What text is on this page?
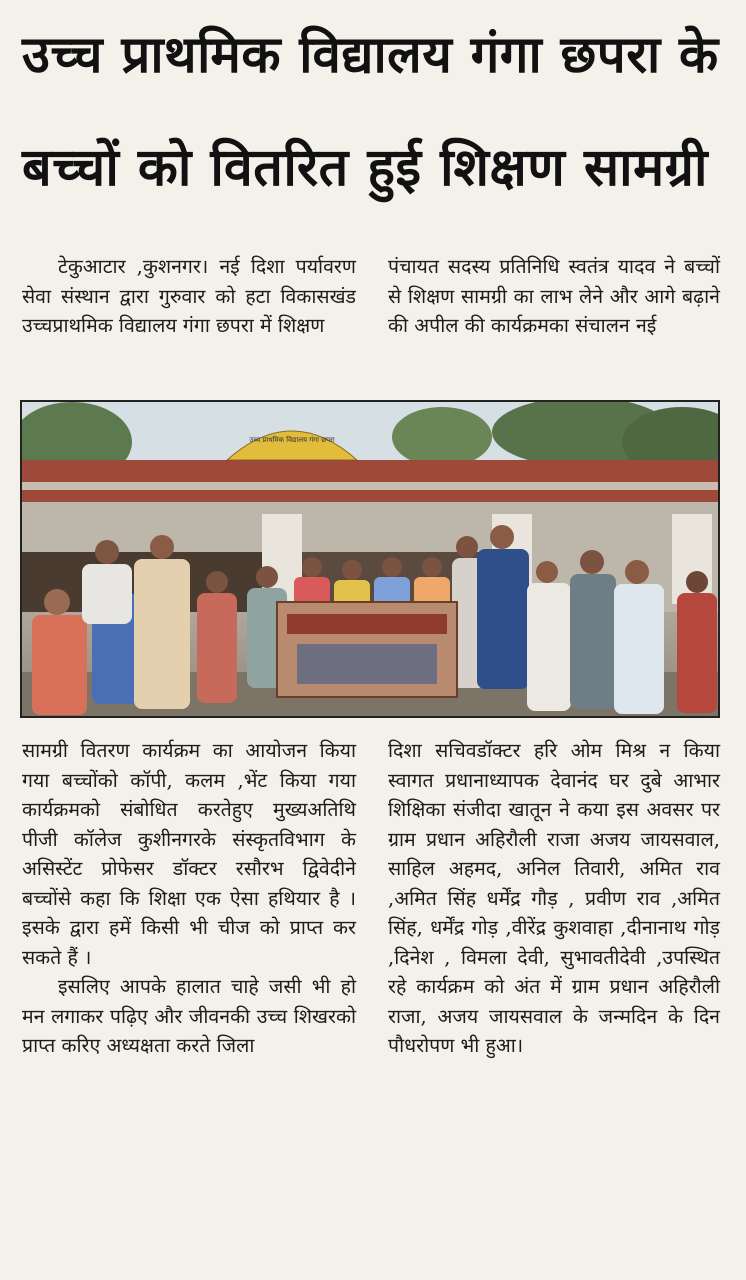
उच्च प्राथमिक विद्यालय गंगा छपरा के
बच्चों को वितरित हुई शिक्षण सामग्री

टेकुआटार ,कुशनगर। नई दिशा पर्यावरण सेवा संस्थान द्वारा गुरुवार को हटा विकासखंड उच्चप्राथमिक विद्यालय गंगा छपरा में शिक्षण

पंचायत सदस्य प्रतिनिधि स्वतंत्र यादव ने बच्चों से शिक्षण सामग्री का लाभ लेने और आगे बढ़ाने की अपील की कार्यक्रमका संचालन नई

उच्च प्राथमिक विद्यालय गंगा छपरा

सामग्री वितरण कार्यक्रम का आयोजन किया गया बच्चोंको कॉपी, कलम ,भेंट किया गया कार्यक्रमको संबोधित करतेहुए मुख्यअतिथि पीजी कॉलेज कुशीनगरके संस्कृतविभाग के असिस्टेंट प्रोफेसर डॉक्टर रसौरभ द्विवेदीने बच्चोंसे कहा कि शिक्षा एक ऐसा हथियार है । इसके द्वारा हमें किसी भी चीज को प्राप्त कर सकते हैं ।

इसलिए आपके हालात चाहे जसी भी हो मन लगाकर पढ़िए और जीवनकी उच्च शिखरको प्राप्त करिए अध्यक्षता करते जिला

दिशा सचिवडॉक्टर हरि ओम मिश्र न किया स्वागत प्रधानाध्यापक देवानंद घर दुबे आभार शिक्षिका संजीदा खातून ने कया इस अवसर पर ग्राम प्रधान अहिरौली राजा अजय जायसवाल, साहिल अहमद, अनिल तिवारी, अमित राव ,अमित सिंह धर्मेंद्र गौड़ , प्रवीण राव ,अमित सिंह, धर्मेंद्र गोड़ ,वीरेंद्र कुशवाहा ,दीनानाथ गोड़ ,दिनेश , विमला देवी, सुभावतीदेवी ,उपस्थित रहे कार्यक्रम को अंत में ग्राम प्रधान अहिरौली राजा, अजय जायसवाल के जन्मदिन के दिन पौधरोपण भी हुआ।
